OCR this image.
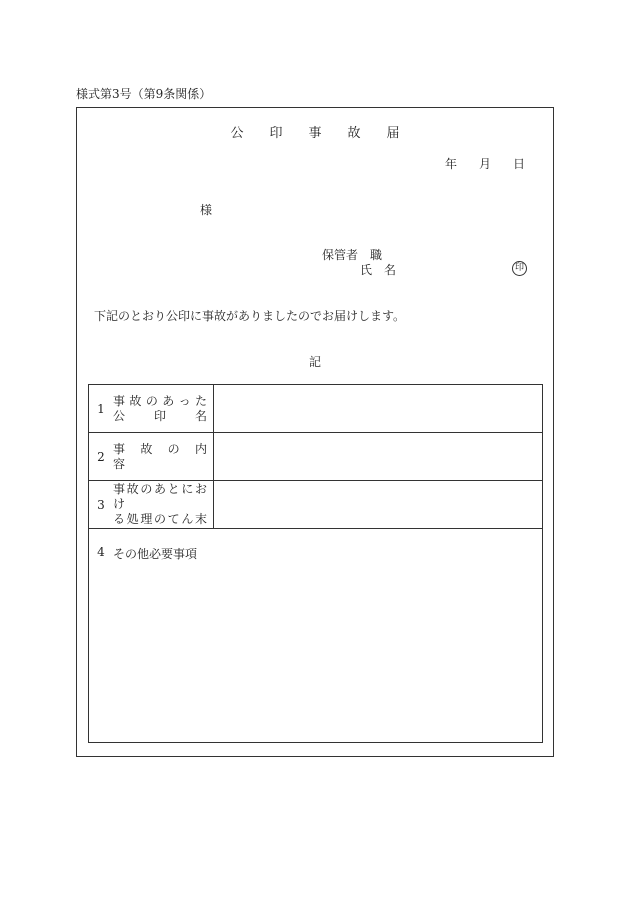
様式第3号（第9条関係）
公 印 事 故 届
年 月 日
様
保管者　職
氏　名	印
下記のとおり公印に事故がありましたのでお届けします。
記
1
事故のあった
公　　印　　名	

2
事　故　の　内　容	

3
事故のあとにおけ
る処理のてん末	

4 その他必要事項	
